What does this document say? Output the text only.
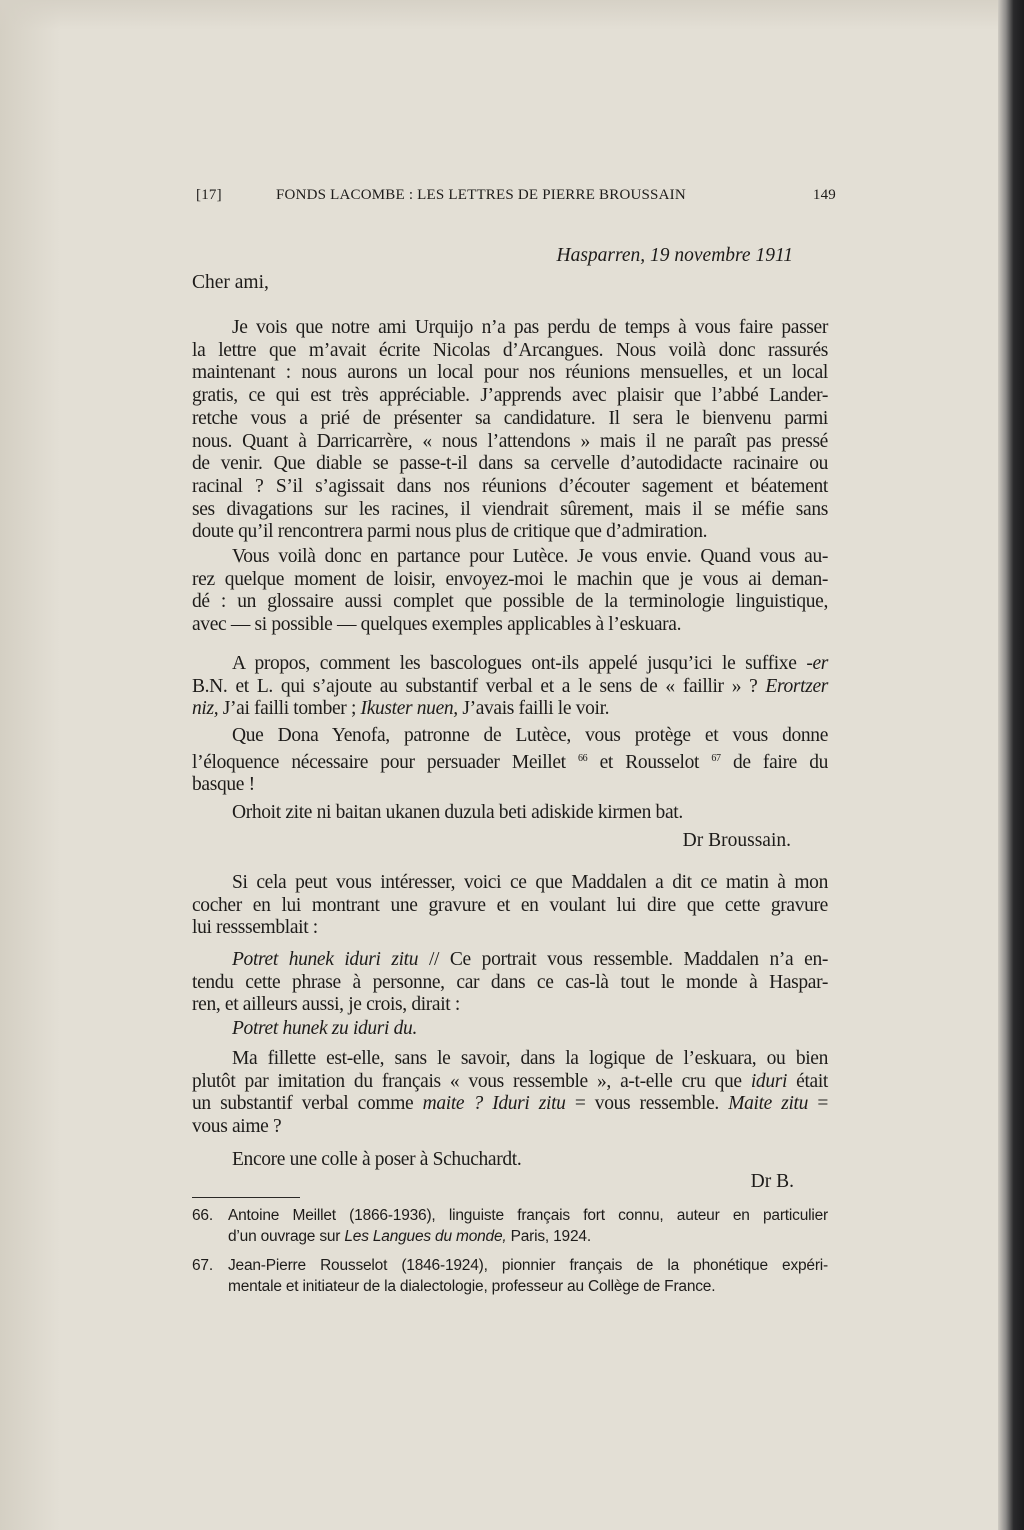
[17]	FONDS LACOMBE : LES LETTRES DE PIERRE BROUSSAIN	149
Hasparren, 19 novembre 1911
Cher ami,
Je vois que notre ami Urquijo n’a pas perdu de temps à vous faire passer
la lettre que m’avait écrite Nicolas d’Arcangues. Nous voilà donc rassurés
maintenant : nous aurons un local pour nos réunions mensuelles, et un local
gratis, ce qui est très appréciable. J’apprends avec plaisir que l’abbé Lander-
retche vous a prié de présenter sa candidature. Il sera le bienvenu parmi
nous. Quant à Darricarrère, « nous l’attendons » mais il ne paraît pas pressé
de venir. Que diable se passe-t-il dans sa cervelle d’autodidacte racinaire ou
racinal ? S’il s’agissait dans nos réunions d’écouter sagement et béatement
ses divagations sur les racines, il viendrait sûrement, mais il se méfie sans
doute qu’il rencontrera parmi nous plus de critique que d’admiration.
Vous voilà donc en partance pour Lutèce. Je vous envie. Quand vous au-
rez quelque moment de loisir, envoyez-moi le machin que je vous ai deman-
dé : un glossaire aussi complet que possible de la terminologie linguistique,
avec — si possible — quelques exemples applicables à l’eskuara.
A propos, comment les bascologues ont-ils appelé jusqu’ici le suffixe -er
B.N. et L. qui s’ajoute au substantif verbal et a le sens de « faillir » ? Erortzer
niz, J’ai failli tomber ; Ikuster nuen, J’avais failli le voir.
Que Dona Yenofa, patronne de Lutèce, vous protège et vous donne
l’éloquence nécessaire pour persuader Meillet $^{66}$ et Rousselot $^{67}$ de faire du
basque !
Orhoit zite ni baitan ukanen duzula beti adiskide kirmen bat.
Dr Broussain.
Si cela peut vous intéresser, voici ce que Maddalen a dit ce matin à mon
cocher en lui montrant une gravure et en voulant lui dire que cette gravure
lui resssemblait :
Potret hunek iduri zitu // Ce portrait vous ressemble. Maddalen n’a en-
tendu cette phrase à personne, car dans ce cas-là tout le monde à Haspar-
ren, et ailleurs aussi, je crois, dirait :
Potret hunek zu iduri du.
Ma fillette est-elle, sans le savoir, dans la logique de l’eskuara, ou bien
plutôt par imitation du français « vous ressemble », a-t-elle cru que iduri était
un substantif verbal comme maite ? Iduri zitu = vous ressemble. Maite zitu =
vous aime ?
Encore une colle à poser à Schuchardt.
Dr B.
66. Antoine Meillet (1866-1936), linguiste français fort connu, auteur en particulier
d’un ouvrage sur Les Langues du monde, Paris, 1924.
67. Jean-Pierre Rousselot (1846-1924), pionnier français de la phonétique expéri-
mentale et initiateur de la dialectologie, professeur au Collège de France.
